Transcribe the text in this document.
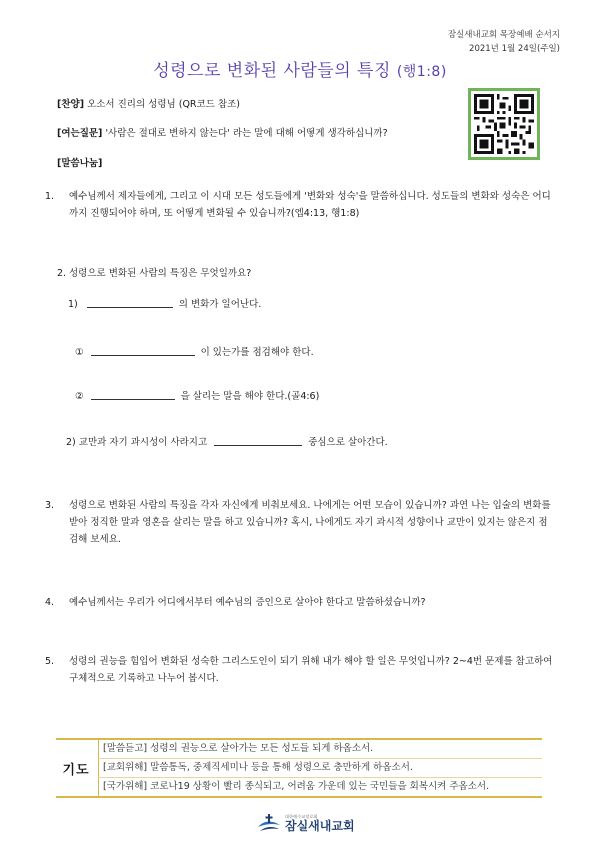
잠실새내교회 목장예배 순서지
2021년 1월 24일(주일)
성령으로 변화된 사람들의 특징 (행1:8)
[찬양] 오소서 진리의 성령님 (QR코드 참조)
[여는질문] '사람은 절대로 변하지 않는다' 라는 말에 대해 어떻게 생각하십니까?
[말씀나눔]
1. 예수님께서 제자들에게, 그리고 이 시대 모든 성도들에게 '변화와 성숙'을 말씀하십니다. 성도들의 변화와 성숙은 어디까지 진행되어야 하며, 또 어떻게 변화될 수 있습니까?(엡4:13, 행1:8)
2. 성령으로 변화된 사람의 특징은 무엇일까요?
1)	의 변화가 일어난다.
①	이 있는가를 점검해야 한다.
②	을 살리는 말을 해야 한다.(골4:6)
2) 교만과 자기 과시성이 사라지고	중심으로 살아간다.
3. 성령으로 변화된 사람의 특징을 각자 자신에게 비춰보세요. 나에게는 어떤 모습이 있습니까? 과연 나는 입술의 변화를 받아 정직한 말과 영혼을 살리는 말을 하고 있습니까? 혹시, 나에게도 자기 과시적 성향이나 교만이 있지는 않은지 점검해 보세요.
4. 예수님께서는 우리가 어디에서부터 예수님의 증인으로 살아야 한다고 말씀하셨습니까?
5. 성령의 권능을 힘입어 변화된 성숙한 그리스도인이 되기 위해 내가 해야 할 일은 무엇입니까? 2~4번 문제를 참고하여 구체적으로 기록하고 나누어 봅시다.
기도
[말씀듣고] 성령의 권능으로 살아가는 모든 성도들 되게 하옵소서.
[교회위해] 말씀통독, 중제직세미나 등을 통해 성령으로 충만하게 하옵소서.
[국가위해] 코로나19 상황이 빨리 종식되고, 어려움 가운데 있는 국민들을 회복시켜 주옵소서.
대한예수교장로회
잠실새내교회
